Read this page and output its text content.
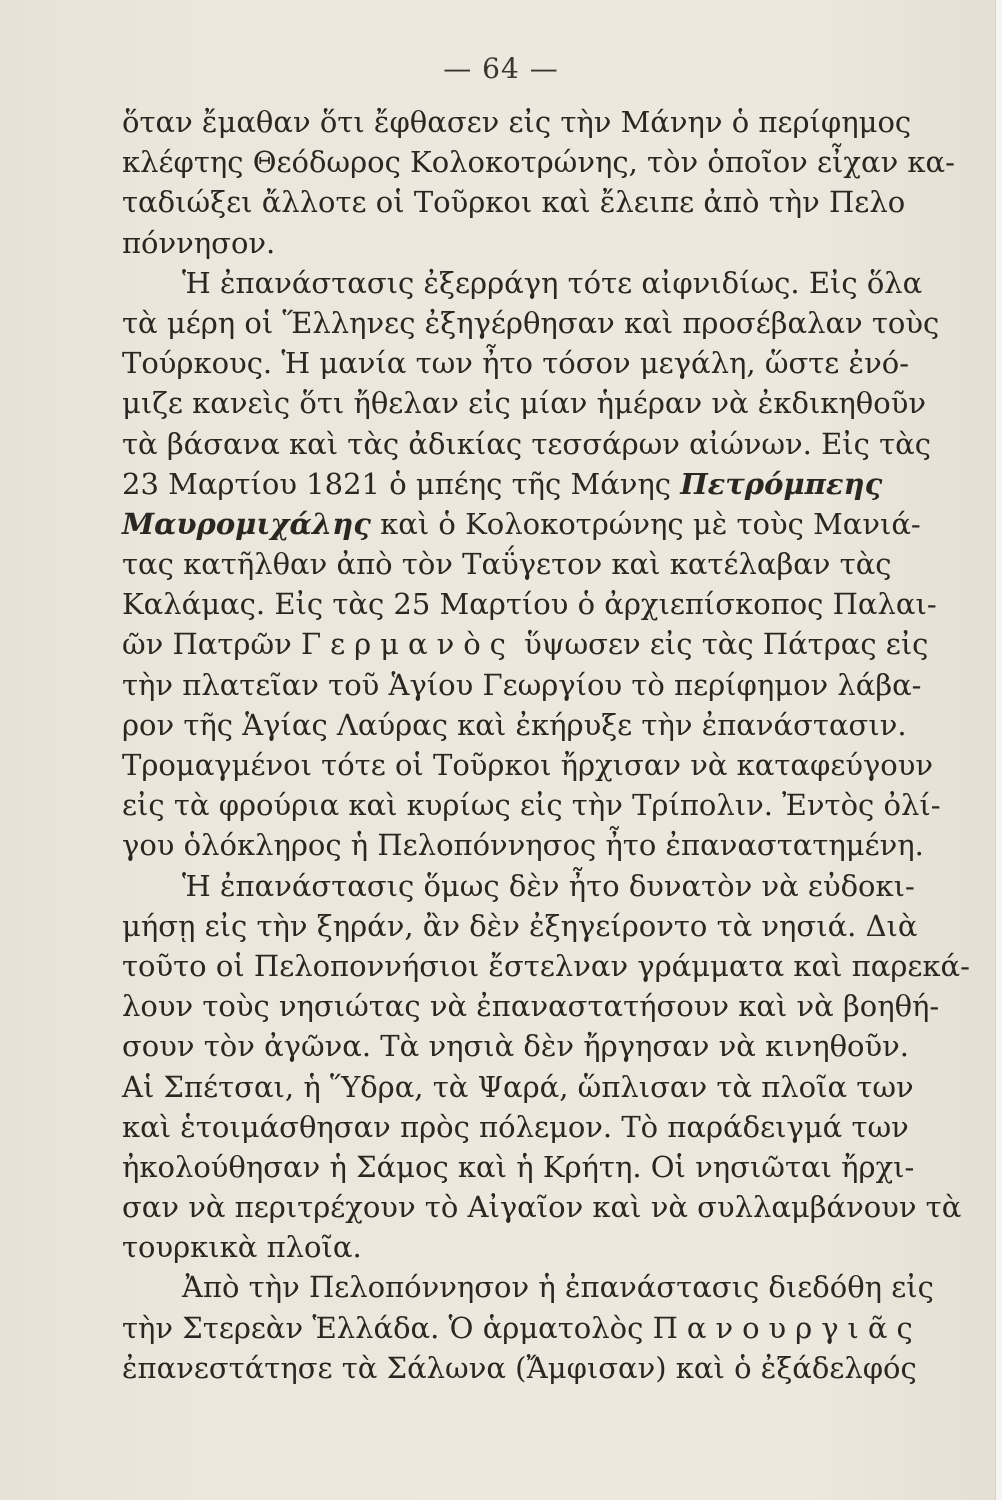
— 64 —
ὅταν ἔμαθαν ὅτι ἔφθασεν εἰς τὴν Μάνην ὁ περίφημος
κλέφτης Θεόδωρος Κολοκοτρώνης, τὸν ὁποῖον εἶχαν κα-
ταδιώξει ἄλλοτε οἱ Τοῦρκοι καὶ ἔλειπε ἀπὸ τὴν Πελο
πόννησον.
Ἡ ἐπανάστασις ἐξερράγη τότε αἰφνιδίως. Εἰς ὅλα
τὰ μέρη οἱ Ἕλληνες ἐξηγέρθησαν καὶ προσέβαλαν τοὺς
Τούρκους. Ἡ μανία των ἦτο τόσον μεγάλη, ὥστε ἐνό-
μιζε κανεὶς ὅτι ἤθελαν εἰς μίαν ἡμέραν νὰ ἐκδικηθοῦν
τὰ βάσανα καὶ τὰς ἀδικίας τεσσάρων αἰώνων. Εἰς τὰς
23 Μαρτίου 1821 ὁ μπέης τῆς Μάνης Πετρόμπεης
Μαυρομιχάλης καὶ ὁ Κολοκοτρώνης μὲ τοὺς Μανιά-
τας κατῆλθαν ἀπὸ τὸν Ταΰγετον καὶ κατέλαβαν τὰς
Καλάμας. Εἰς τὰς 25 Μαρτίου ὁ ἀρχιεπίσκοπος Παλαι-
ῶν Πατρῶν Γερμανὸς ὕψωσεν εἰς τὰς Πάτρας εἰς
τὴν πλατεῖαν τοῦ Ἁγίου Γεωργίου τὸ περίφημον λάβα-
ρον τῆς Ἁγίας Λαύρας καὶ ἐκήρυξε τὴν ἐπανάστασιν.
Τρομαγμένοι τότε οἱ Τοῦρκοι ἤρχισαν νὰ καταφεύγουν
εἰς τὰ φρούρια καὶ κυρίως εἰς τὴν Τρίπολιν. Ἐντὸς ὀλί-
γου ὁλόκληρος ἡ Πελοπόννησος ἦτο ἐπαναστατημένη.
Ἡ ἐπανάστασις ὅμως δὲν ἦτο δυνατὸν νὰ εὐδοκι-
μήσῃ εἰς τὴν ξηράν, ἂν δὲν ἐξηγείροντο τὰ νησιά. Διὰ
τοῦτο οἱ Πελοποννήσιοι ἔστελναν γράμματα καὶ παρεκά-
λουν τοὺς νησιώτας νὰ ἐπαναστατήσουν καὶ νὰ βοηθή-
σουν τὸν ἀγῶνα. Τὰ νησιὰ δὲν ἤργησαν νὰ κινηθοῦν.
Αἱ Σπέτσαι, ἡ Ὕδρα, τὰ Ψαρά, ὥπλισαν τὰ πλοῖα των
καὶ ἑτοιμάσθησαν πρὸς πόλεμον. Τὸ παράδειγμά των
ἠκολούθησαν ἡ Σάμος καὶ ἡ Κρήτη. Οἱ νησιῶται ἤρχι-
σαν νὰ περιτρέχουν τὸ Αἰγαῖον καὶ νὰ συλλαμβάνουν τὰ
τουρκικὰ πλοῖα.
Ἀπὸ τὴν Πελοπόννησον ἡ ἐπανάστασις διεδόθη εἰς
τὴν Στερεὰν Ἑλλάδα. Ὁ ἁρματολὸς Πανουργιᾶς
ἐπανεστάτησε τὰ Σάλωνα (Ἄμφισαν) καὶ ὁ ἐξάδελφός
